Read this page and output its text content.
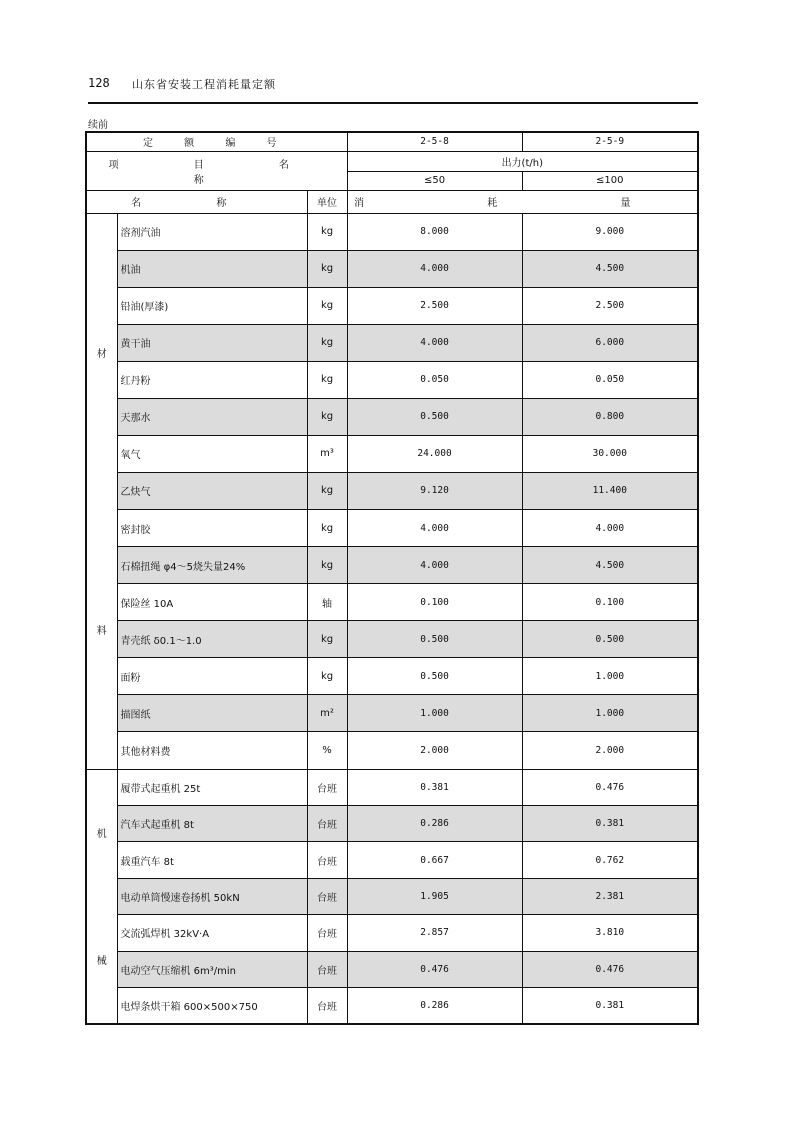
128 山东省安装工程消耗量定额
续前
定 额 编 号			2-5-8	2-5-9
项 目 名 称			出力(t/h)	
			≤50	≤100
名 称		单位	消 耗 量	

材
料	溶剂汽油	kg	8.000	9.000
	机油	kg	4.000	4.500
	铅油(厚漆)	kg	2.500	2.500
	黄干油	kg	4.000	6.000
	红丹粉	kg	0.050	0.050
	天那水	kg	0.500	0.800
	氧气	m³	24.000	30.000
	乙炔气	kg	9.120	11.400
	密封胶	kg	4.000	4.000
	石棉扭绳 φ4～5烧失量24%	kg	4.000	4.500
	保险丝 10A	轴	0.100	0.100
	青壳纸 δ0.1～1.0	kg	0.500	0.500
	面粉	kg	0.500	1.000
	描图纸	m²	1.000	1.000
	其他材料费	%	2.000	2.000

机
械	履带式起重机 25t	台班	0.381	0.476
	汽车式起重机 8t	台班	0.286	0.381
	载重汽车 8t	台班	0.667	0.762
	电动单筒慢速卷扬机 50kN	台班	1.905	2.381
	交流弧焊机 32kV·A	台班	2.857	3.810
	电动空气压缩机 6m³/min	台班	0.476	0.476
	电焊条烘干箱 600×500×750	台班	0.286	0.381
